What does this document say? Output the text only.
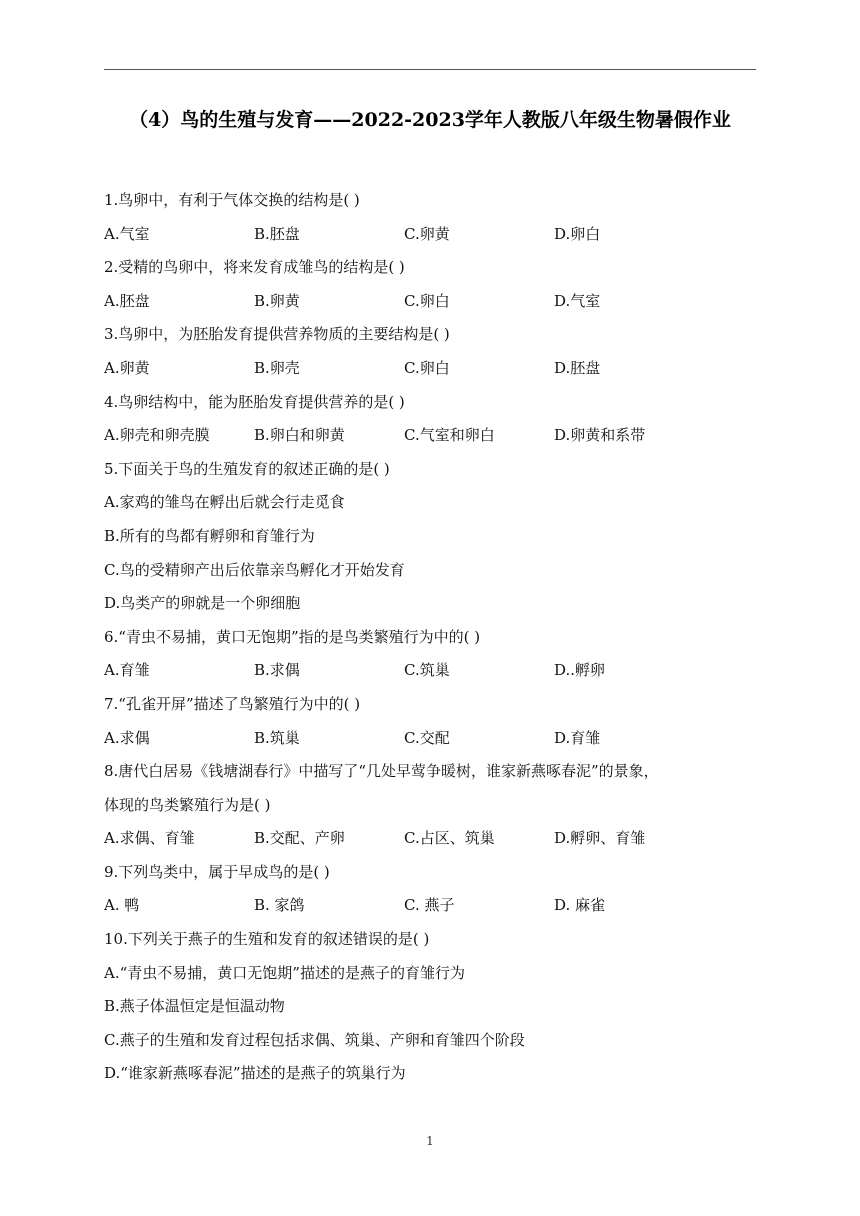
（4）鸟的生殖与发育——2022-2023学年人教版八年级生物暑假作业
1.鸟卵中，有利于气体交换的结构是( )
A.气室	B.胚盘	C.卵黄	D.卵白
2.受精的鸟卵中，将来发育成雏鸟的结构是( )
A.胚盘	B.卵黄	C.卵白	D.气室
3.鸟卵中，为胚胎发育提供营养物质的主要结构是( )
A.卵黄	B.卵壳	C.卵白	D.胚盘
4.鸟卵结构中，能为胚胎发育提供营养的是( )
A.卵壳和卵壳膜	B.卵白和卵黄	C.气室和卵白	D.卵黄和系带
5.下面关于鸟的生殖发育的叙述正确的是( )
A.家鸡的雏鸟在孵出后就会行走觅食
B.所有的鸟都有孵卵和育雏行为
C.鸟的受精卵产出后依靠亲鸟孵化才开始发育
D.鸟类产的卵就是一个卵细胞
6.“青虫不易捕，黄口无饱期”指的是鸟类繁殖行为中的( )
A.育雏	B.求偶	C.筑巢	D..孵卵
7.“孔雀开屏”描述了鸟繁殖行为中的( )
A.求偶	B.筑巢	C.交配	D.育雏
8.唐代白居易《钱塘湖春行》中描写了“几处早莺争暖树，谁家新燕啄春泥”的景象，
体现的鸟类繁殖行为是( )
A.求偶、育雏	B.交配、产卵	C.占区、筑巢	D.孵卵、育雏
9.下列鸟类中，属于早成鸟的是( )
A. 鸭	B. 家鸽	C. 燕子	D. 麻雀
10.下列关于燕子的生殖和发育的叙述错误的是( )
A.“青虫不易捕，黄口无饱期”描述的是燕子的育雏行为
B.燕子体温恒定是恒温动物
C.燕子的生殖和发育过程包括求偶、筑巢、产卵和育雏四个阶段
D.“谁家新燕啄春泥”描述的是燕子的筑巢行为
1
